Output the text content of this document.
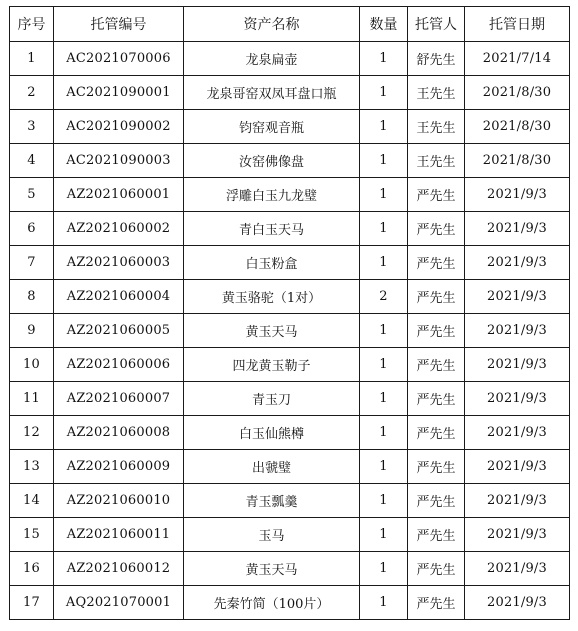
序号	托管编号	资产名称	数量	托管人	托管日期
1	AC2021070006	龙泉扁壶	1	舒先生	2021/7/14
2	AC2021090001	龙泉哥窑双凤耳盘口瓶	1	王先生	2021/8/30
3	AC2021090002	钧窑观音瓶	1	王先生	2021/8/30
4	AC2021090003	汝窑佛像盘	1	王先生	2021/8/30
5	AZ2021060001	浮雕白玉九龙璧	1	严先生	2021/9/3
6	AZ2021060002	青白玉天马	1	严先生	2021/9/3
7	AZ2021060003	白玉粉盒	1	严先生	2021/9/3
8	AZ2021060004	黄玉骆驼（1对）	2	严先生	2021/9/3
9	AZ2021060005	黄玉天马	1	严先生	2021/9/3
10	AZ2021060006	四龙黄玉勒子	1	严先生	2021/9/3
11	AZ2021060007	青玉刀	1	严先生	2021/9/3
12	AZ2021060008	白玉仙熊樽	1	严先生	2021/9/3
13	AZ2021060009	出虢璧	1	严先生	2021/9/3
14	AZ2021060010	青玉瓢羹	1	严先生	2021/9/3
15	AZ2021060011	玉马	1	严先生	2021/9/3
16	AZ2021060012	黄玉天马	1	严先生	2021/9/3
17	AQ2021070001	先秦竹简（100片）	1	严先生	2021/9/3
